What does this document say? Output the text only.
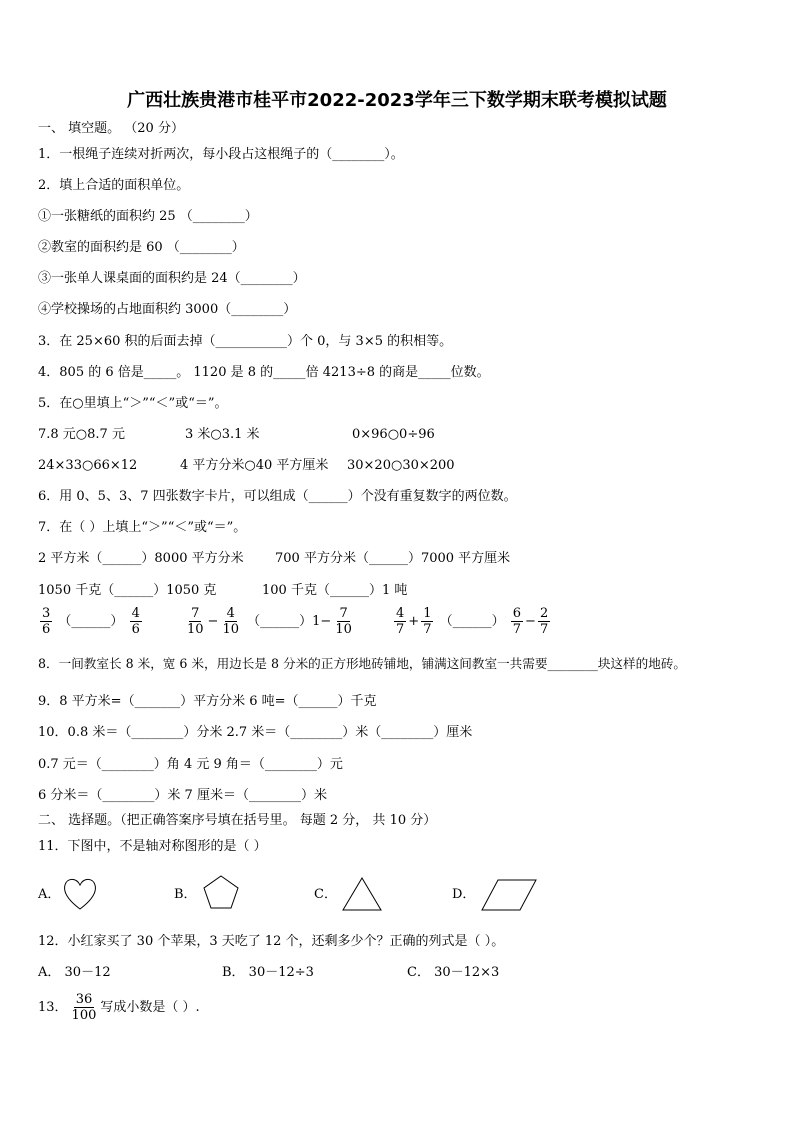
广西壮族贵港市桂平市2022-2023学年三下数学期末联考模拟试题
一、 填空题。 （20 分）
1．一根绳子连续对折两次，每小段占这根绳子的（________）。
2．填上合适的面积单位。
①一张糖纸的面积约 25 （________）
②教室的面积约是 60 （________）
③一张单人课桌面的面积约是 24（________）
④学校操场的占地面积约 3000（________）
3．在 25×60 积的后面去掉（___________）个 0，与 3×5 的积相等。
4．805 的 6 倍是_____。 1120 是 8 的_____倍 4213÷8 的商是_____位数。
5．在○里填上“＞”“＜”或“＝”。
7.8 元○8.7 元	3 米○3.1 米	0×96○0÷96
24×33○66×12	4 平方分米○40 平方厘米 30×20○30×200
6．用 0、5、3、7 四张数字卡片，可以组成（______）个没有重复数字的两位数。
7．在（ ）上填上“＞”“＜”或“＝”。
2 平方米（______）8000 平方分米 700 平方分米（______）7000 平方厘米
1050 千克（______）1050 克	100 千克（______）1 吨
$\frac{3}{6}$ （______） $\frac{4}{6}$	$\frac{7}{10} - \frac{4}{10}$ （______）1− $\frac{7}{10}$	$\frac{4}{7} + \frac{1}{7}$ （______） $\frac{6}{7} - \frac{2}{7}$
8．一间教室长 8 米，宽 6 米，用边长是 8 分米的正方形地砖铺地，铺满这间教室一共需要________块这样的地砖。
9．8 平方米=（_______）平方分米 6 吨=（______）千克
10．0.8 米＝（________）分米 2.7 米＝（________）米（________）厘米
0.7 元＝（________）角 4 元 9 角＝（________）元
6 分米＝（________）米 7 厘米＝（________）米
二、 选择题。（把正确答案序号填在括号里。 每题 2 分， 共 10 分）
11．下图中，不是轴对称图形的是（ ）
A．	B．	C．	D．
12．小红家买了 30 个苹果，3 天吃了 12 个，还剩多少个？正确的列式是（ ）。
A． 30－12	B． 30－12÷3	C． 30－12×3
13． $\frac{36}{100}$ 写成小数是（ ）.
